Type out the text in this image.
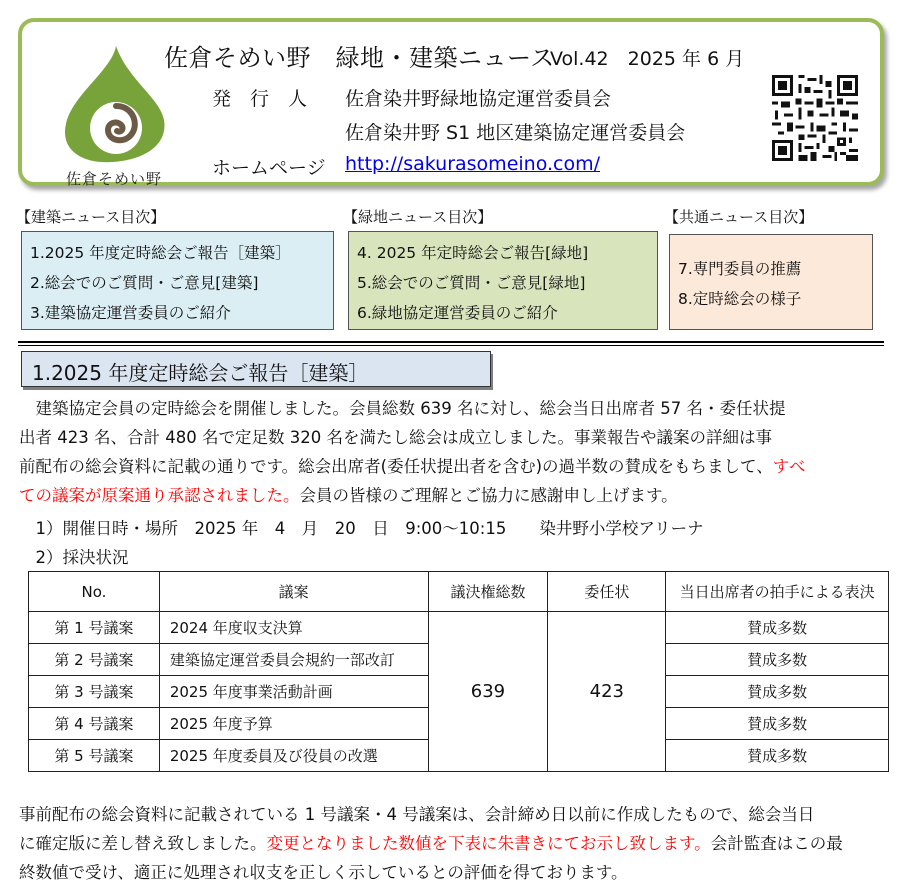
佐倉そめい野
佐倉そめい野　緑地・建築ニュース
Vol.42　2025 年 6 月
発　行　人 佐倉染井野緑地協定運営委員会
佐倉染井野 S1 地区建築協定運営委員会
ホームページ http://sakurasomeino.com/
【建築ニュース目次】	【緑地ニュース目次】	【共通ニュース目次】
1.2025 年度定時総会ご報告［建築］
2.総会でのご質問・ご意見[建築]
3.建築協定運営委員のご紹介
4. 2025 年定時総会ご報告[緑地]
5.総会でのご質問・ご意見[緑地]
6.緑地協定運営委員のご紹介
7.専門委員の推薦
8.定時総会の様子
1.2025 年度定時総会ご報告［建築］
　建築協定会員の定時総会を開催しました。会員総数 639 名に対し、総会当日出席者 57 名・委任状提
出者 423 名、合計 480 名で定足数 320 名を満たし総会は成立しました。事業報告や議案の詳細は事
前配布の総会資料に記載の通りです。総会出席者(委任状提出者を含む)の過半数の賛成をもちまして、すべ
ての議案が原案通り承認されました。会員の皆様のご理解とご協力に感謝申し上げます。
　1）開催日時・場所　2025 年　4　月　20　日　9:00～10:15　　染井野小学校アリーナ
　2）採決状況
No.	議案	議決権総数	委任状	当日出席者の拍手による表決
第 1 号議案	2024 年度収支決算	639	423	賛成多数
第 2 号議案	建築協定運営委員会規約一部改訂			賛成多数
第 3 号議案	2025 年度事業活動計画			賛成多数
第 4 号議案	2025 年度予算			賛成多数
第 5 号議案	2025 年度委員及び役員の改選			賛成多数
事前配布の総会資料に記載されている 1 号議案・4 号議案は、会計締め日以前に作成したもので、総会当日
に確定版に差し替え致しました。変更となりました数値を下表に朱書きにてお示し致します。会計監査はこの最
終数値で受け、適正に処理され収支を正しく示しているとの評価を得ております。
